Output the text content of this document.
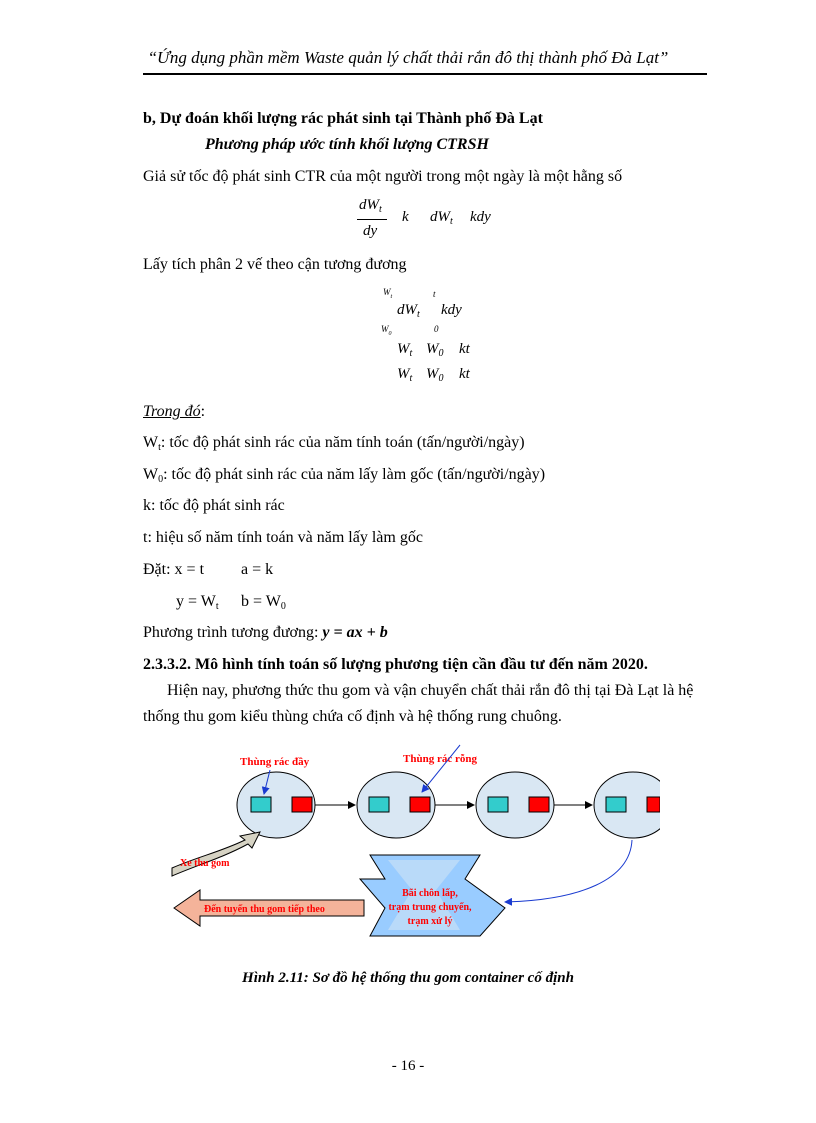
“Ứng dụng phần mềm Waste quản lý chất thải rắn đô thị thành phố Đà Lạt”
b, Dự đoán khối lượng rác phát sinh tại Thành phố Đà Lạt
Phương pháp ước tính khối lượng CTRSH
Giả sử tốc độ phát sinh CTR của một người trong một ngày là một hằng số
$dW_t$
dy
k $dW_t$ kdy
Lấy tích phân 2 vế theo cận tương đương
$W_t$	t
$dW_t$ kdy
$W_0$	0
$W_t$ $W_0$ kt
$W_t$ $W_0$ kt
Trong đó:
$W_t$: tốc độ phát sinh rác của năm tính toán (tấn/người/ngày)
$W_0$: tốc độ phát sinh rác của năm lấy làm gốc (tấn/người/ngày)
k: tốc độ phát sinh rác
t: hiệu số năm tính toán và năm lấy làm gốc
Đặt: x = t a = k
$y = W_t$ $b = W_0$
Phương trình tương đương: y = ax + b
2.3.3.2. Mô hình tính toán số lượng phương tiện cần đầu tư đến năm 2020.
Hiện nay, phương thức thu gom và vận chuyển chất thải rắn đô thị tại Đà Lạt là hệ
thống thu gom kiểu thùng chứa cố định và hệ thống rung chuông.
Thùng rác đầy	Thùng rác rỗng
Xe thu gom
Bãi chôn lấp,
trạm trung chuyển,
trạm xử lý
Đến tuyến thu gom tiếp theo
Hình 2.11: Sơ đồ hệ thống thu gom container cố định
- 16 -
